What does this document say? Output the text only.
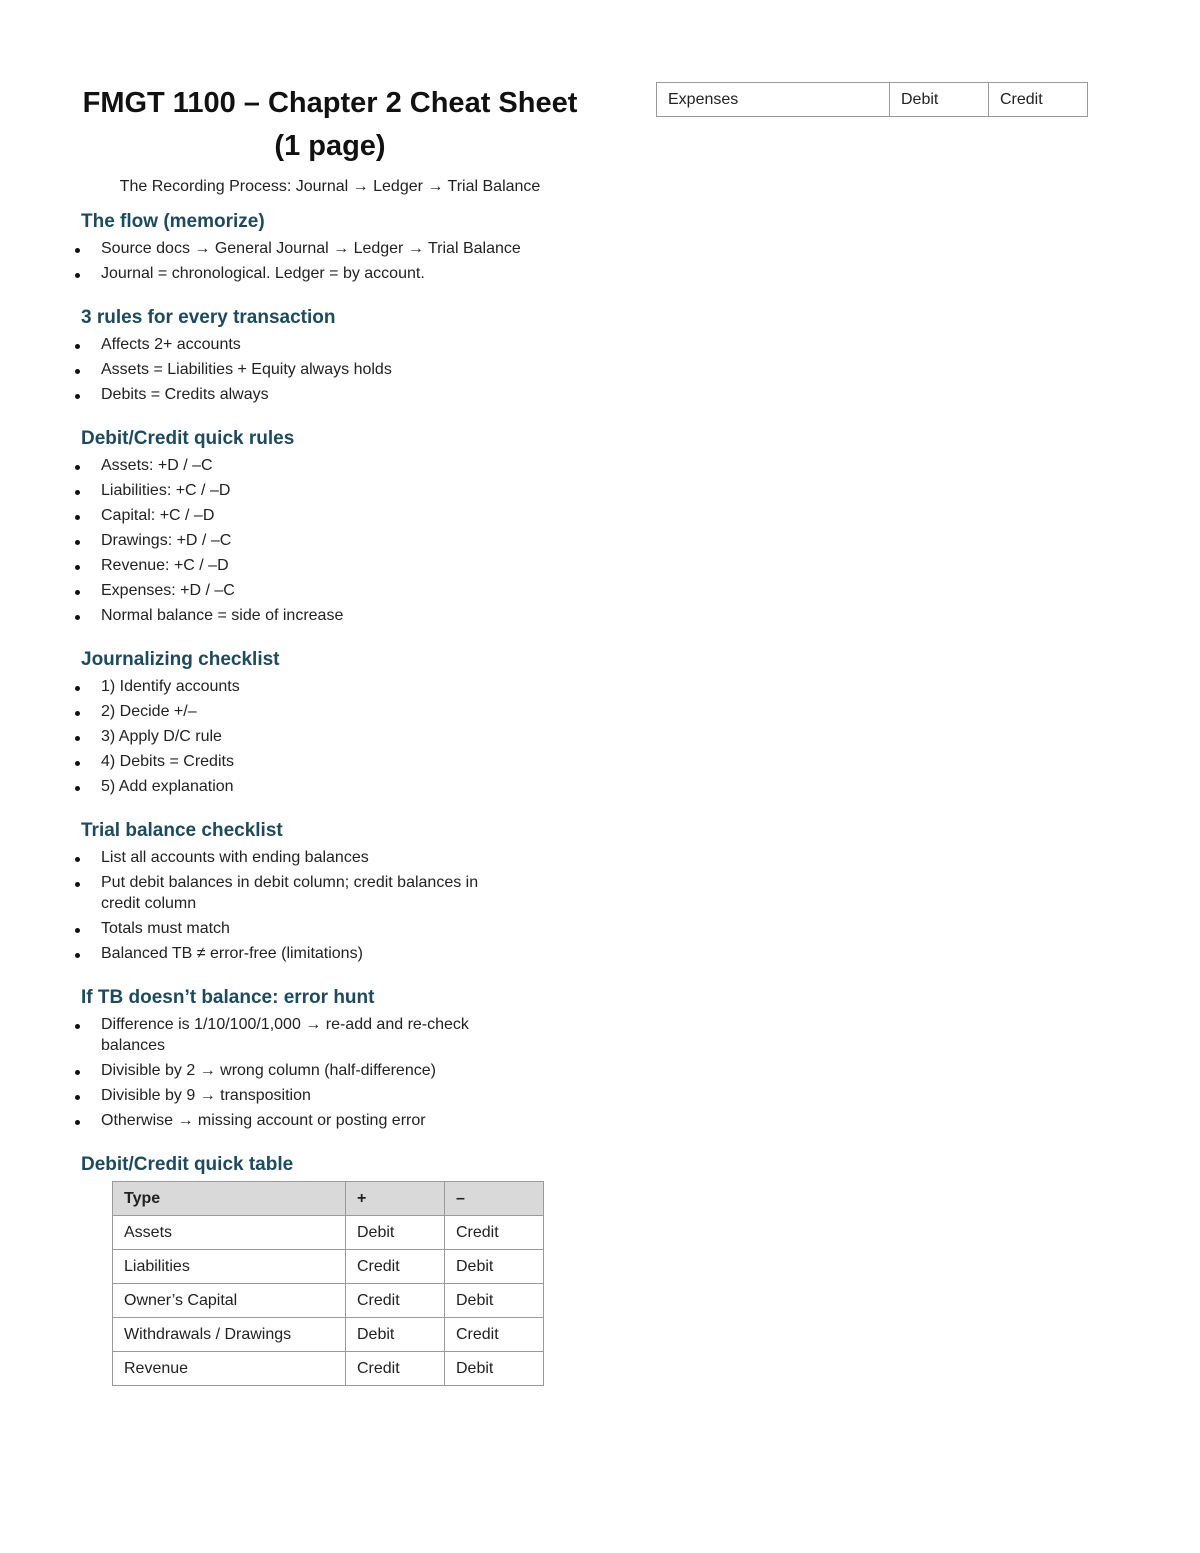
FMGT 1100 – Chapter 2 Cheat Sheet (1 page)

The Recording Process: Journal → Ledger → Trial Balance

The flow (memorize)
Source docs → General Journal → Ledger → Trial Balance
Journal = chronological. Ledger = by account.
3 rules for every transaction
Affects 2+ accounts
Assets = Liabilities + Equity always holds
Debits = Credits always
Debit/Credit quick rules
Assets: +D / –C
Liabilities: +C / –D
Capital: +C / –D
Drawings: +D / –C
Revenue: +C / –D
Expenses: +D / –C
Normal balance = side of increase
Journalizing checklist
1) Identify accounts
2) Decide +/–
3) Apply D/C rule
4) Debits = Credits
5) Add explanation
Trial balance checklist
List all accounts with ending balances
Put debit balances in debit column; credit balances in credit column
Totals must match
Balanced TB ≠ error-free (limitations)
If TB doesn’t balance: error hunt
Difference is 1/10/100/1,000 → re-add and re-check balances
Divisible by 2 → wrong column (half-difference)
Divisible by 9 → transposition
Otherwise → missing account or posting error
Debit/Credit quick table
Type	+	–
Assets	Debit	Credit
Liabilities	Credit	Debit
Owner’s Capital	Credit	Debit
Withdrawals / Drawings	Debit	Credit
Revenue	Credit	Debit
Expenses	Debit	Credit
